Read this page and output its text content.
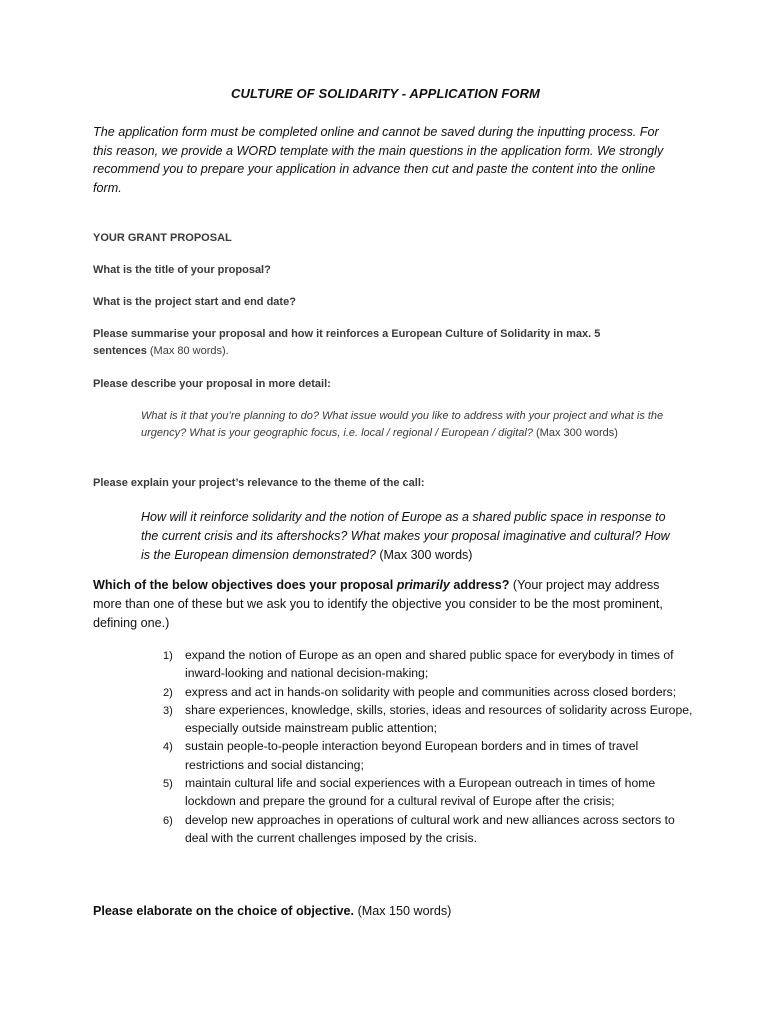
CULTURE OF SOLIDARITY - APPLICATION FORM

The application form must be completed online and cannot be saved during the inputting process. For this reason, we provide a WORD template with the main questions in the application form. We strongly recommend you to prepare your application in advance then cut and paste the content into the online form.

YOUR GRANT PROPOSAL

What is the title of your proposal?

What is the project start and end date?

Please summarise your proposal and how it reinforces a European Culture of Solidarity in max. 5 sentences (Max 80 words).

Please describe your proposal in more detail:

What is it that you’re planning to do? What issue would you like to address with your project and what is the urgency? What is your geographic focus, i.e. local / regional / European / digital? (Max 300 words)

Please explain your project’s relevance to the theme of the call:

How will it reinforce solidarity and the notion of Europe as a shared public space in response to the current crisis and its aftershocks? What makes your proposal imaginative and cultural? How is the European dimension demonstrated? (Max 300 words)

Which of the below objectives does your proposal primarily address? (Your project may address more than one of these but we ask you to identify the objective you consider to be the most prominent, defining one.)

1) expand the notion of Europe as an open and shared public space for everybody in times of inward-looking and national decision-making;
2) express and act in hands-on solidarity with people and communities across closed borders;
3) share experiences, knowledge, skills, stories, ideas and resources of solidarity across Europe, especially outside mainstream public attention;
4) sustain people-to-people interaction beyond European borders and in times of travel restrictions and social distancing;
5) maintain cultural life and social experiences with a European outreach in times of home lockdown and prepare the ground for a cultural revival of Europe after the crisis;
6) develop new approaches in operations of cultural work and new alliances across sectors to deal with the current challenges imposed by the crisis.

Please elaborate on the choice of objective. (Max 150 words)
